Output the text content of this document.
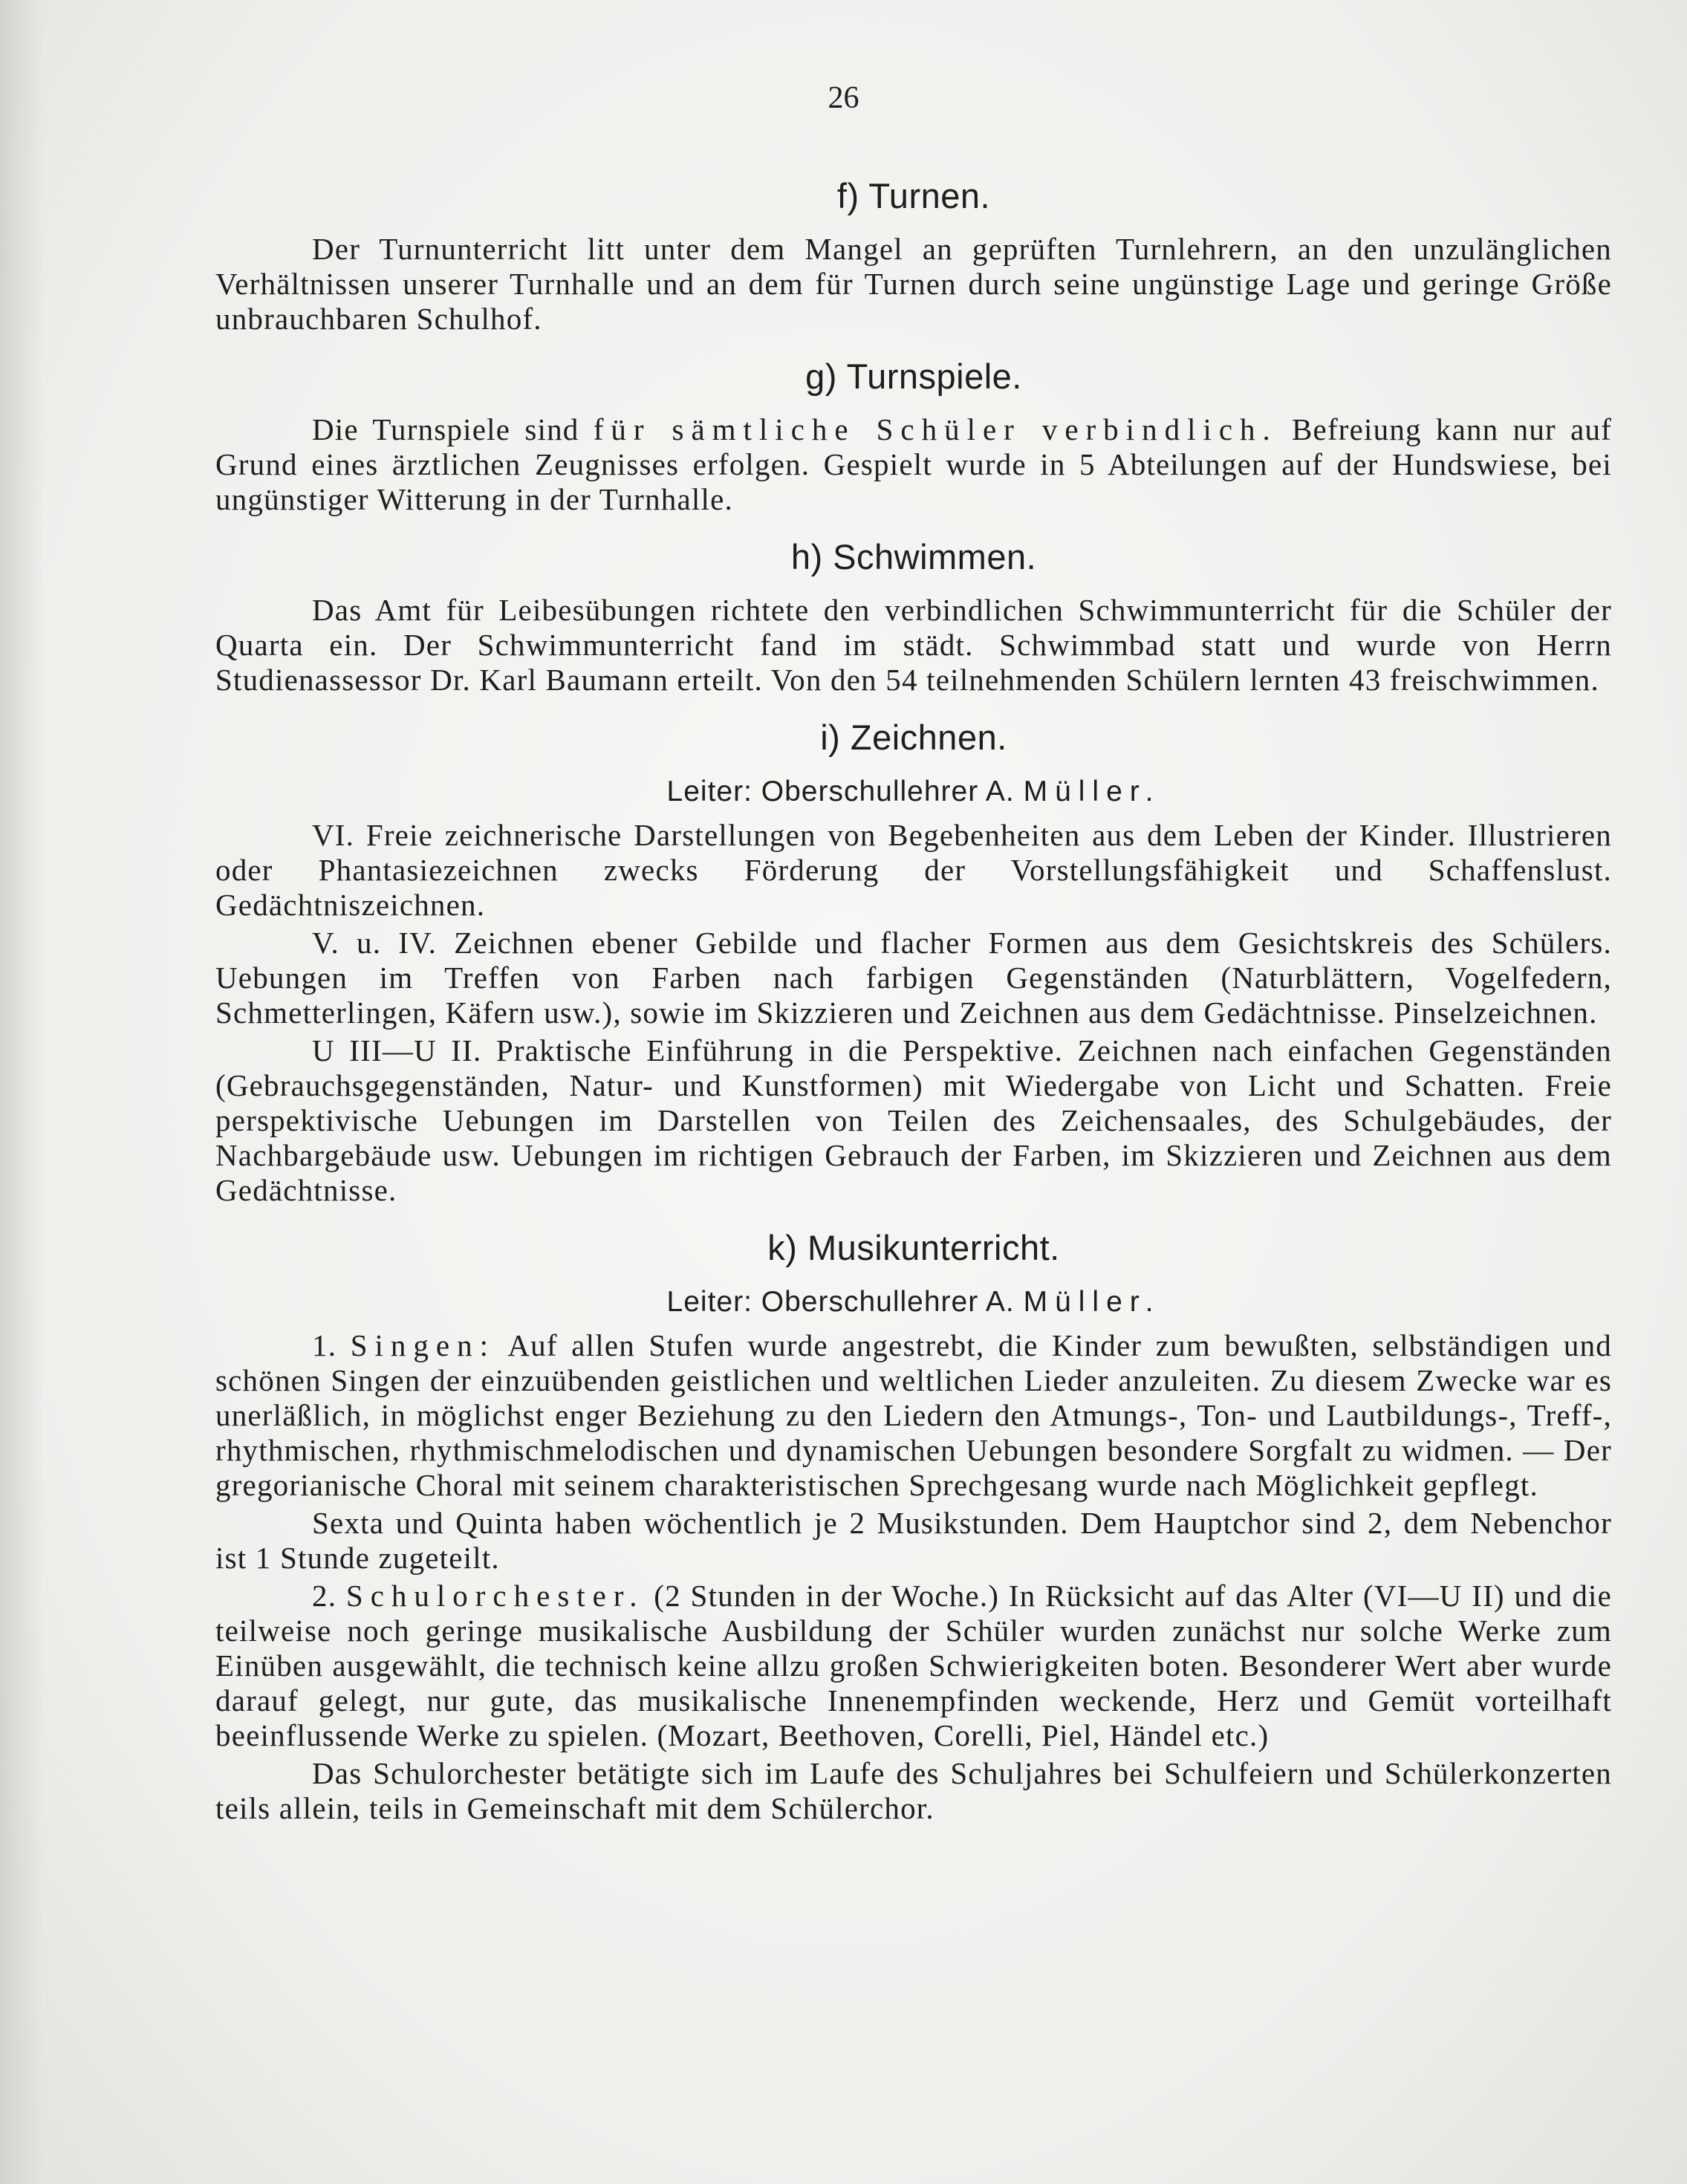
26
f) Turnen.

Der Turnunterricht litt unter dem Mangel an geprüften Turnlehrern, an den unzulänglichen Verhältnissen unserer Turnhalle und an dem für Turnen durch seine ungünstige Lage und geringe Größe unbrauchbaren Schulhof.

g) Turnspiele.

Die Turnspiele sind für sämtliche Schüler verbindlich. Befreiung kann nur auf Grund eines ärztlichen Zeugnisses erfolgen. Gespielt wurde in 5 Abteilungen auf der Hundswiese, bei ungünstiger Witterung in der Turnhalle.

h) Schwimmen.

Das Amt für Leibesübungen richtete den verbindlichen Schwimmunterricht für die Schüler der Quarta ein. Der Schwimmunterricht fand im städt. Schwimmbad statt und wurde von Herrn Studienassessor Dr. Karl Baumann erteilt. Von den 54 teilnehmenden Schülern lernten 43 freischwimmen.

i) Zeichnen.
Leiter: Oberschullehrer A. Müller.

VI. Freie zeichnerische Darstellungen von Begebenheiten aus dem Leben der Kinder. Illustrieren oder Phantasiezeichnen zwecks Förderung der Vorstellungsfähigkeit und Schaffenslust. Gedächtniszeichnen.

V. u. IV. Zeichnen ebener Gebilde und flacher Formen aus dem Gesichtskreis des Schülers. Uebungen im Treffen von Farben nach farbigen Gegenständen (Naturblättern, Vogelfedern, Schmetterlingen, Käfern usw.), sowie im Skizzieren und Zeichnen aus dem Gedächtnisse. Pinselzeichnen.

U III—U II. Praktische Einführung in die Perspektive. Zeichnen nach einfachen Gegenständen (Gebrauchsgegenständen, Natur- und Kunstformen) mit Wiedergabe von Licht und Schatten. Freie perspektivische Uebungen im Darstellen von Teilen des Zeichensaales, des Schulgebäudes, der Nachbargebäude usw. Uebungen im richtigen Gebrauch der Farben, im Skizzieren und Zeichnen aus dem Gedächtnisse.

k) Musikunterricht.
Leiter: Oberschullehrer A. Müller.

1. Singen: Auf allen Stufen wurde angestrebt, die Kinder zum bewußten, selbständigen und schönen Singen der einzuübenden geistlichen und weltlichen Lieder anzuleiten. Zu diesem Zwecke war es unerläßlich, in möglichst enger Beziehung zu den Liedern den Atmungs-, Ton- und Lautbildungs-, Treff-, rhythmischen, rhythmischmelodischen und dynamischen Uebungen besondere Sorgfalt zu widmen. — Der gregorianische Choral mit seinem charakteristischen Sprechgesang wurde nach Möglichkeit gepflegt.

Sexta und Quinta haben wöchentlich je 2 Musikstunden. Dem Hauptchor sind 2, dem Nebenchor ist 1 Stunde zugeteilt.

2. Schulorchester. (2 Stunden in der Woche.) In Rücksicht auf das Alter (VI—U II) und die teilweise noch geringe musikalische Ausbildung der Schüler wurden zunächst nur solche Werke zum Einüben ausgewählt, die technisch keine allzu großen Schwierigkeiten boten. Besonderer Wert aber wurde darauf gelegt, nur gute, das musikalische Innenempfinden weckende, Herz und Gemüt vorteilhaft beeinflussende Werke zu spielen. (Mozart, Beethoven, Corelli, Piel, Händel etc.)

Das Schulorchester betätigte sich im Laufe des Schuljahres bei Schulfeiern und Schülerkonzerten teils allein, teils in Gemeinschaft mit dem Schülerchor.
